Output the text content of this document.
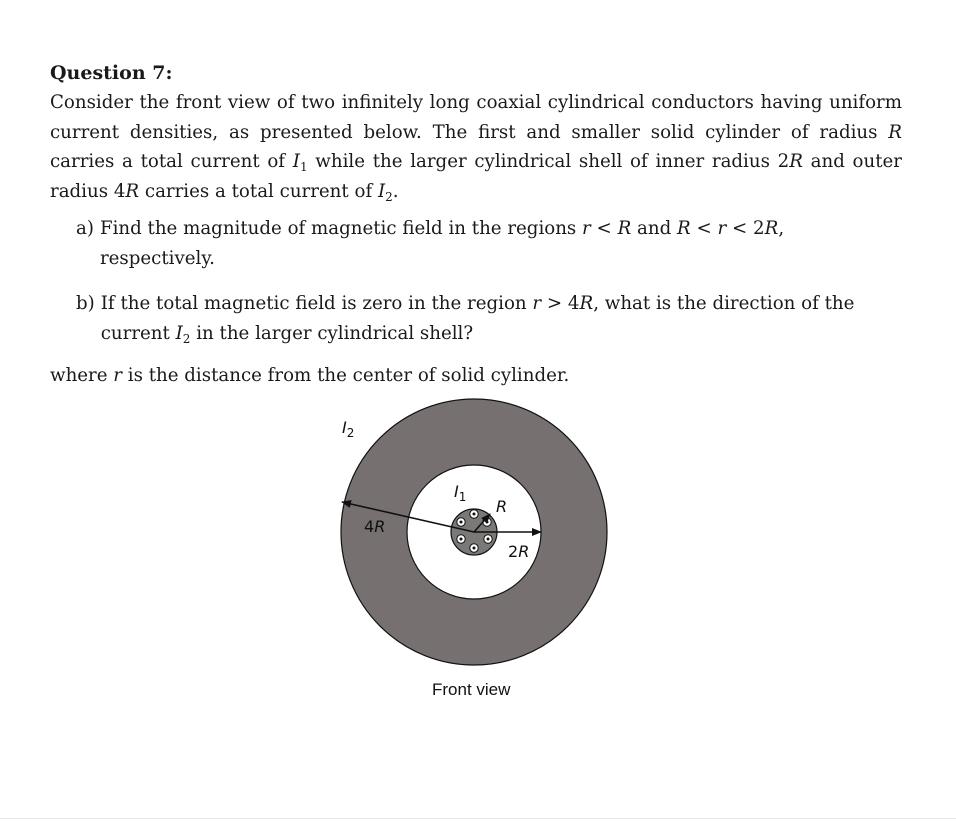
Question 7:

Consider the front view of two infinitely long coaxial cylindrical conductors having uniform current densities, as presented below. The first and smaller solid cylinder of radius R carries a total current of $I_1$ while the larger cylindrical shell of inner radius 2R and outer radius 4R carries a total current of $I_2$.

a) Find the magnitude of magnetic field in the regions r < R and R < r < 2R, respectively.
b) If the total magnetic field is zero in the region r > 4R, what is the direction of the current $I_2$ in the larger cylindrical shell?
where r is the distance from the center of solid cylinder.
$I_2$
$I_1$ R
2R
4R
Front view
